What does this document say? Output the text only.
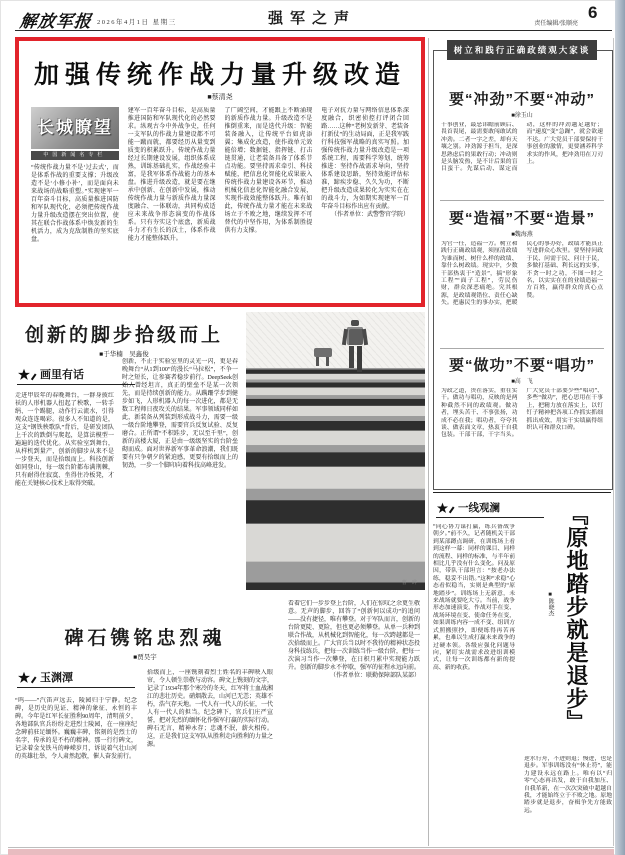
解放军报 2026年4月1日 星期三	强军之声	责任编辑/张顺亮
6
加强传统作战力量升级改造
■蔡清尧
长城瞭望
中国新闻名专栏
“传统作战力量不是‘过去式’，而是体系作战的重要支撑；升级改造不是‘小修小补’，而是面向未来战场的战略重塑。”实现建军一百年奋斗目标，高质量推进国防和军队现代化，必须把传统作战力量升级改造摆在突出位置，使其在联合作战体系中焕发新的生机活力，成为克敌制胜的坚实底盘。
建军一百年奋斗目标，是高质量推进国防和军队现代化的必然要求。纵观古今中外战争史，任何一支军队的作战力量建设都不可能一蹴而就，都要经历从量变到质变的积累跃升。传统作战力量经过长期建设发展，组织体系成熟，训练基础扎实，作战经验丰富，是我军体系作战能力的基本盘。推进升级改造，就是要在继承中创新、在创新中发展，推动传统作战力量与新质作战力量深度融合、一体联动，共同构成适应未来战争形态演变的作战体系。只有夯实这个底盘，新质战斗力才有生长的沃土，体系作战能力才能整体跃升。
了广阔空间，才能跟上不断涌现的新质作战力量。升级改造不是推倒重来，而是迭代升级：智能装备融入，让传统平台如虎添翼；集成化改造，使作战单元效能倍增；数据链、指挥链、打击链贯通，让老装备具备了体系节点功能。要坚持需求牵引、科技赋能，把信息化智能化成果嵌入传统作战力量建设各环节，推动机械化信息化智能化融合发展，实现作战效能整体跃升。唯有如此，传统作战力量才能在未来战场立于不败之地，继续发挥不可替代的中坚作用，为体系制胜提供有力支撑。
电子对抗力量与网络信息体系深度融合，织密侦控打评闭合回路……这种“老树发新芽、老装备打新仗”的生动局面，正是我军践行科技强军战略的真实写照。加强传统作战力量升级改造是一项系统工程，需要科学筹划、统筹推进：坚持作战需求导向，坚持体系建设思路，坚持效能评估标准，蹄疾步稳、久久为功，不断把升级改造成果转化为实实在在的战斗力，为如期实现建军一百年奋斗目标作出应有贡献。
（作者单位：武警警官学院）
创新的脚步拾级而上
■于华楠　吴鑫俊
画里有话
走进甲辰年的春晚舞台，一群身披红袄的人形机器人扭起了秧歌，一转手绢、一个踢腿，动作行云流水，引得观众连连喝彩。很多人不知道的是，这支“钢铁秧歌队”背后，是研发团队上千次的跌倒与爬起，是算法模型一遍遍的迭代优化。从实验室到舞台，从样机到量产，创新的脚步从来不是一步登天，而是拾级而上。科技创新如同登山，每一级台阶都布满荆棘，只有耐得住寂寞、坐得住冷板凳，才能在关键核心技术上取得突破。
创新，不止于实验室里的灵光一闪，更是春晚舞台“从1到100”的漫长“马拉松”，不争一时之短长，让参赛者稳步前行。DeepSeek创始人曾经坦言，真正的壁垒不是某一次领先，而是持续创新的能力。从蹒跚学步到健步如飞，人形机器人的每一次进化，都是无数工程师日夜攻关的结果。军事领域同样如此，新装备从列装到形成战斗力，需要一级一级台阶地攀登，需要官兵反复试验、反复磨合。正所谓“不积跬步，无以至千里”，创新的高楼大厦，正是由一级级坚实的台阶垒砌而成。面对世界新军事革命浪潮，我们既要有只争朝夕的紧迫感，更要有拾级而上的韧劲，一步一个脚印向着科技高峰进发。
曹 晔
看着它们一步步登上台阶，人们在惊叹之余更生敬意。无声的脚步，回答了“创新何以成功”的追问——没有捷径，唯有攀登。对于军队而言，创新的台阶更陡、更险，但也更必须攀登。从单一兵种到联合作战，从机械化到智能化，每一次跨越都是一次拾级而上。广大官兵当以时不我待的精神状态投身科技练兵，把每一次训练当作一级台阶，把每一次演习当作一次攀登，在日积月累中实现能力跃升。创新的脚步永不停歇，强军的征程永远向前。
（作者单位：联勤保障部队某部）
碑石镌铭忠烈魂
■贾昊宇
玉渊潭
“呜——”汽笛声远去，陵园归于宁静。纪念碑，是历史的见证、精神的象征、永恒的丰碑。今年是红军长征胜利90周年，清明前夕，各地部队官兵纷纷走进烈士陵园，在一座座纪念碑前驻足缅怀。巍巍丰碑，铭刻的是烈士的名字，传承的是不朽的精神。那一行行碑文，记录着金戈铁马的峥嵘岁月，诉说着气壮山河的英雄壮举，令人肃然起敬，催人奋发前行。
拾级而上，一座镌刻着烈士姓名的丰碑映入眼帘，令人顿生崇敬与动容。碑文上镌刻的文字，记录了1934年那个寒冷的冬天，红军将士血战湘江的悲壮历史。硝烟散去，山河已无恙；英雄不朽，浩气存天地。一代人有一代人的长征，一代人有一代人的担当。纪念碑下，官兵们庄严宣誓，把对先烈的缅怀化作强军打赢的实际行动。碑石无言，精神永存；忠魂不泯，薪火相传。这，正是我们这支军队从胜利走向胜利的力量之源。
树立和践行正确政绩观大家谈
要“冲劲”不要“冲动”
■徐玉山
干事创业，最忌讳瞻前顾后、畏首畏尾，最需要敢闯敢试的冲劲。二者一字之差，却有天壤之别。冲劲源于担当，是深思熟虑后的果敢行动；冲动则是头脑发热，是不计后果的盲目蛮干。先谋后动、谋定而动，这样的冲劲越足越好；而“速度”变“急躁”，就会欲速不达。广大党员干部要保持干事创业的激情，更要涵养科学求实的作风，把冲劲用在刀刃上。
要“造福”不要“造景”
■魏海燕
为官一任，造福一方。树立和践行正确政绩观，须厘清政绩为谁而树、树什么样的政绩、靠什么树政绩。现实中，少数干部热衷于“造景”，搞“形象工程”“面子工程”，劳民伤财，群众深恶痛绝。究其根源，是政绩观错位、责任心缺失。把惠民生的事办实，把暖民心的事办好，政绩才能真正写进群众心坎里。要坚持问政于民、问需于民、问计于民，多做打基础、利长远的实事，不贪一时之功，不图一时之名，以实实在在的业绩造福一方百姓，赢得群众的真心点赞。
要“做功”不要“唱功”
■高　飞
为政之道，贵在落实，重在实干。做功与唱功，反映的是两种截然不同的政绩观。做功者，埋头苦干、不事张扬，功成不必在我；唱功者，夸夸其谈、做表面文章，热衷于自我包装。干部干部，干字当头。广大党员干部要少些“唱功”、多些“做功”，把心思用在干事上，把精力放在落实上，以钉钉子精神把各项工作抓实抓细抓出成效，用实干实绩赢得组织认可和群众口碑。
一线观澜
“同心协力谋打赢，练兵备战争朝夕。”前不久，记者随机关干部到某部蹲点调研，在训练场上看到这样一幕：同样的课目、同样的流程、同样的标准，与半年前相比几乎没有什么变化。问及原因，带队干部坦言：“按老办法练，稳妥不出错。”这种“求稳”心态看似稳当，实则是典型的“原地踏步”。训练场上无新意，未来战场就要吃大亏。当前，战争形态加速演变，作战对手在变、战场环境在变、使命任务在变，如果训练内容一成不变、组训方式照搬照抄，即便练得再苦再累，也难以生成打赢未来战争的过硬本领。各级应强化问题导向，紧盯实战需求改进组训模式，让每一次训练都有新的提高、新的收获。	『原地踏步就是退步』
■陈晓杰
逆水行舟，不进则退；慢进，也是退步。军事训练没有“休止符”，能力建设永远在路上。唯有以“归零”心态再出发，敢于自我加压、自我革新，在一次次突破中超越自我，才能始终立于不败之地。原地踏步就是退步，奋楫争先方能致远。
